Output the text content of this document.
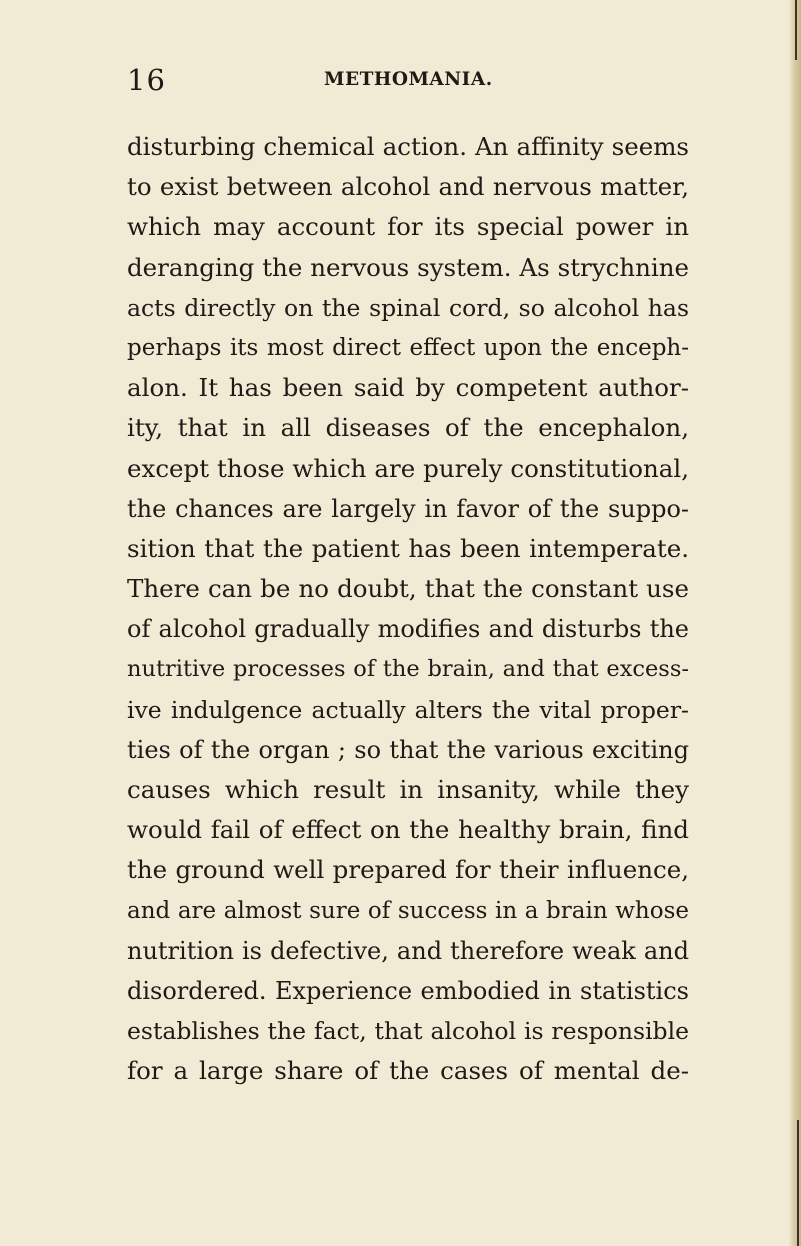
16	METHOMANIA.
disturbing chemical action. An affinity seems
to exist between alcohol and nervous matter,
which may account for its special power in
deranging the nervous system. As strychnine
acts directly on the spinal cord, so alcohol has
perhaps its most direct effect upon the enceph-
alon. It has been said by competent author-
ity, that in all diseases of the encephalon,
except those which are purely constitutional,
the chances are largely in favor of the suppo-
sition that the patient has been intemperate.
There can be no doubt, that the constant use
of alcohol gradually modifies and disturbs the
nutritive processes of the brain, and that excess-
ive indulgence actually alters the vital proper-
ties of the organ ; so that the various exciting
causes which result in insanity, while they
would fail of effect on the healthy brain, find
the ground well prepared for their influence,
and are almost sure of success in a brain whose
nutrition is defective, and therefore weak and
disordered. Experience embodied in statistics
establishes the fact, that alcohol is responsible
for a large share of the cases of mental de-
